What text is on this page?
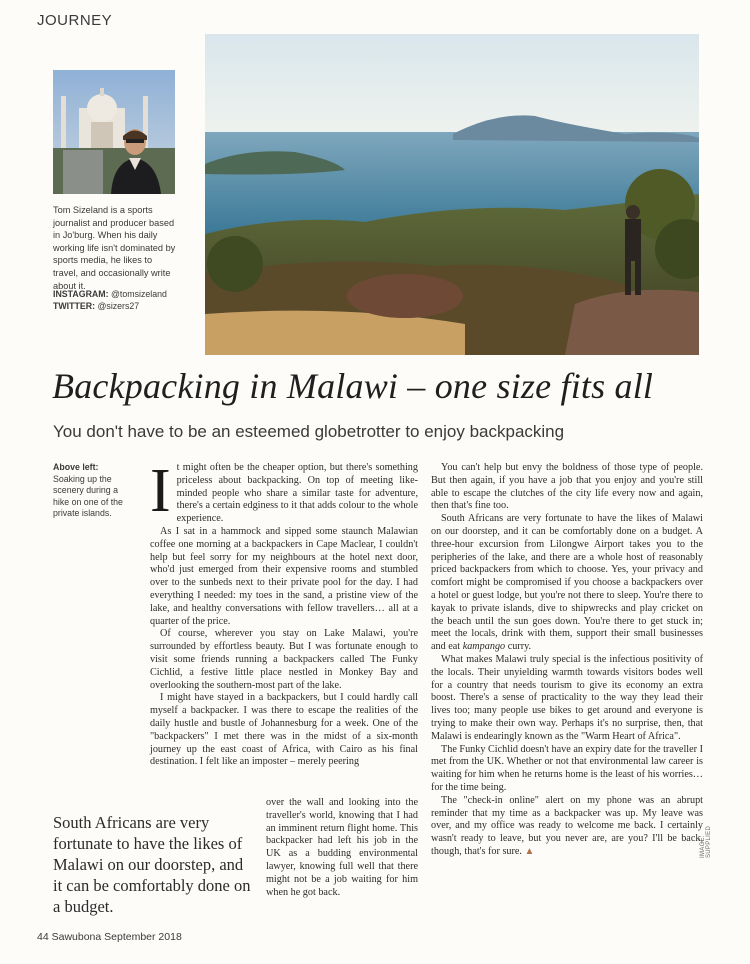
JOURNEY
Tom Sizeland is a sports journalist and producer based in Jo'burg. When his daily working life isn't dominated by sports media, he likes to travel, and occasionally write about it.
INSTAGRAM: @tomsizeland
TWITTER: @sizers27
Backpacking in Malawi – one size fits all
You don't have to be an esteemed globetrotter to enjoy backpacking
Above left:
Soaking up the scenery during a hike on one of the private islands. It might often be the cheaper option, but there's something priceless about backpacking. On top of meeting like-minded people who share a similar taste for adventure, there's a certain edginess to it that adds colour to the whole experience.

As I sat in a hammock and sipped some staunch Malawian coffee one morning at a backpackers in Cape Maclear, I couldn't help but feel sorry for my neighbours at the hotel next door, who'd just emerged from their expensive rooms and stumbled over to the sunbeds next to their private pool for the day. I had everything I needed: my toes in the sand, a pristine view of the lake, and healthy conversations with fellow travellers… all at a quarter of the price.

Of course, wherever you stay on Lake Malawi, you're surrounded by effortless beauty. But I was fortunate enough to visit some friends running a backpackers called The Funky Cichlid, a festive little place nestled in Monkey Bay and overlooking the southern-most part of the lake.

I might have stayed in a backpackers, but I could hardly call myself a backpacker. I was there to escape the realities of the daily hustle and bustle of Johannesburg for a week. One of the "backpackers" I met there was in the midst of a six-month journey up the east coast of Africa, with Cairo as his final destination. I felt like an imposter – merely peering

over the wall and looking into the traveller's world, knowing that I had an imminent return flight home. This backpacker had left his job in the UK as a budding environmental lawyer, knowing full well that there might not be a job waiting for him when he got back.

You can't help but envy the boldness of those type of people. But then again, if you have a job that you enjoy and you're still able to escape the clutches of the city life every now and again, then that's fine too.

South Africans are very fortunate to have the likes of Malawi on our doorstep, and it can be comfortably done on a budget. A three-hour excursion from Lilongwe Airport takes you to the peripheries of the lake, and there are a whole host of reasonably priced backpackers from which to choose. Yes, your privacy and comfort might be compromised if you choose a backpackers over a hotel or guest lodge, but you're not there to sleep. You're there to kayak to private islands, dive to shipwrecks and play cricket on the beach until the sun goes down. You're there to get stuck in; meet the locals, drink with them, support their small businesses and eat kampango curry.

What makes Malawi truly special is the infectious positivity of the locals. Their unyielding warmth towards visitors bodes well for a country that needs tourism to give its economy an extra boost. There's a sense of practicality to the way they lead their lives too; many people use bikes to get around and everyone is trying to make their own way. Perhaps it's no surprise, then, that Malawi is endearingly known as the "Warm Heart of Africa".

The Funky Cichlid doesn't have an expiry date for the traveller I met from the UK. Whether or not that environmental law career is waiting for him when he returns home is the least of his worries… for the time being.

The "check-in online" alert on my phone was an abrupt reminder that my time as a backpacker was up. My leave was over, and my office was ready to welcome me back. I certainly wasn't ready to leave, but you never are, are you? I'll be back, though, that's for sure. ▲

South Africans are very fortunate to have the likes of Malawi on our doorstep, and it can be comfortably done on a budget.
44 Sawubona September 2018
IMAGE: SUPPLIED
